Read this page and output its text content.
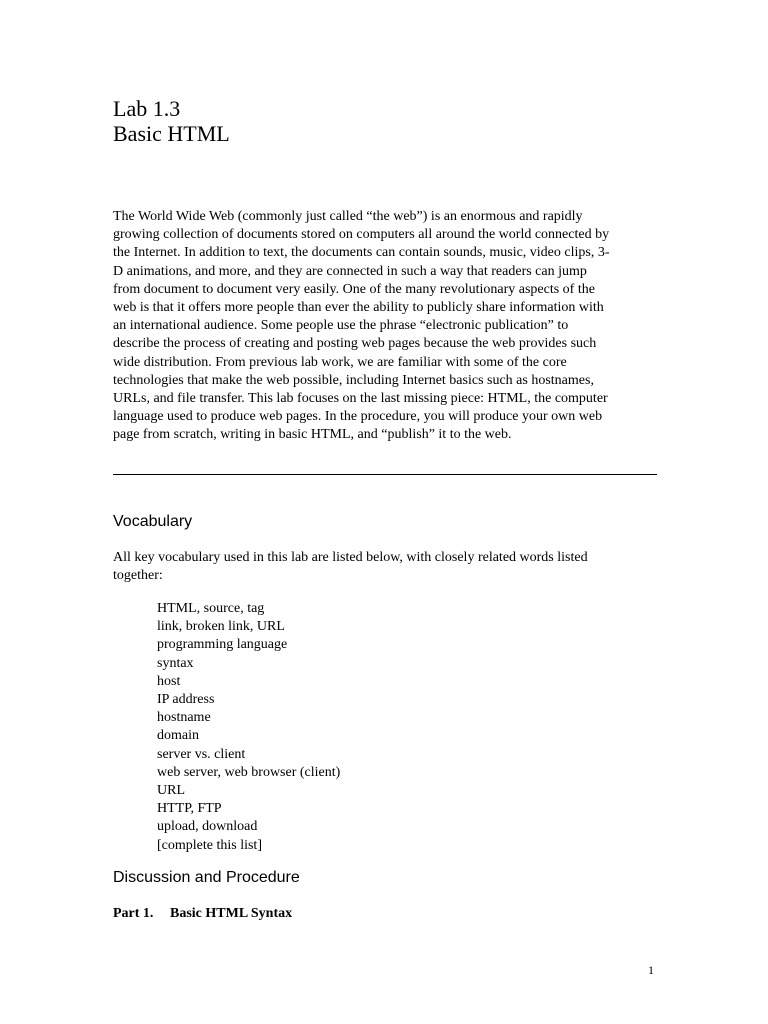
Lab 1.3
Basic HTML

The World Wide Web (commonly just called “the web”) is an enormous and rapidly
growing collection of documents stored on computers all around the world connected by
the Internet. In addition to text, the documents can contain sounds, music, video clips, 3-
D animations, and more, and they are connected in such a way that readers can jump
from document to document very easily. One of the many revolutionary aspects of the
web is that it offers more people than ever the ability to publicly share information with
an international audience. Some people use the phrase “electronic publication” to
describe the process of creating and posting web pages because the web provides such
wide distribution. From previous lab work, we are familiar with some of the core
technologies that make the web possible, including Internet basics such as hostnames,
URLs, and file transfer. This lab focuses on the last missing piece: HTML, the computer
language used to produce web pages. In the procedure, you will produce your own web
page from scratch, writing in basic HTML, and “publish” it to the web.

Vocabulary

All key vocabulary used in this lab are listed below, with closely related words listed
together:

HTML, source, tag
link, broken link, URL
programming language
syntax
host
IP address
hostname
domain
server vs. client
web server, web browser (client)
URL
HTTP, FTP
upload, download
[complete this list]
Discussion and Procedure
Part 1. Basic HTML Syntax
1
